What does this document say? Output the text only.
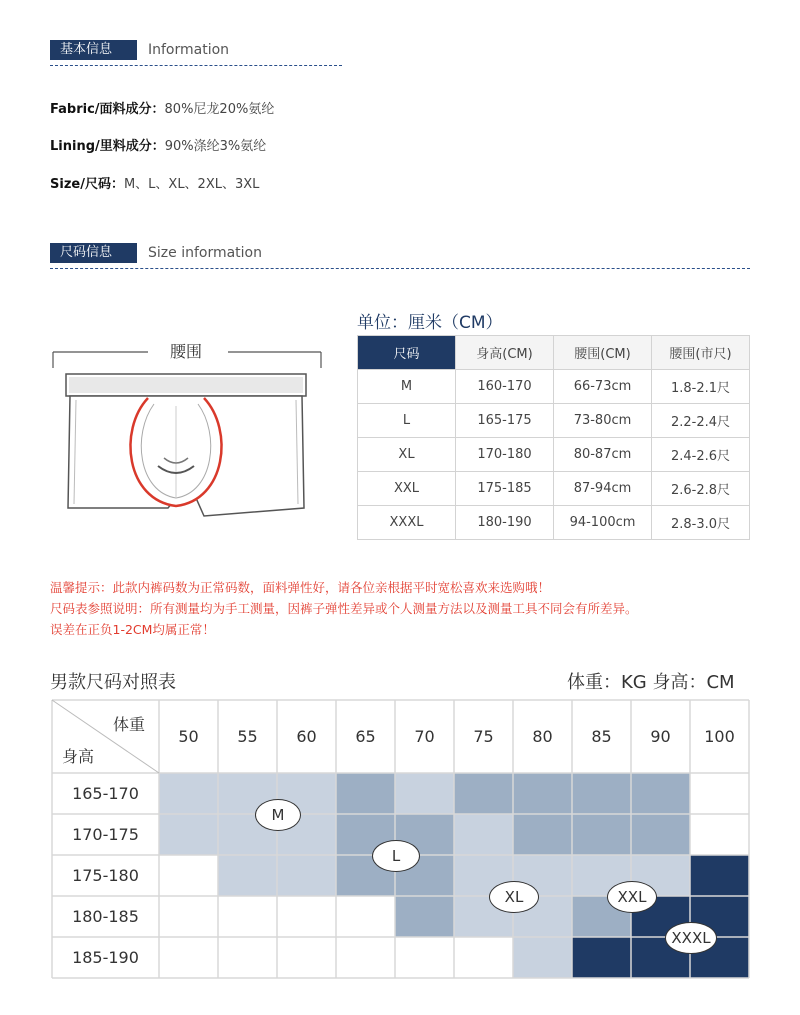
基本信息	Information
Fabric/面料成分：80%尼龙20%氨纶
Lining/里料成分：90%涤纶3%氨纶
Size/尺码：M、L、XL、2XL、3XL
尺码信息	Size information
腰围
单位：厘米（CM）
尺码	身高(CM)	腰围(CM)	腰围(市尺)
M	160-170	66-73cm	1.8-2.1尺
L	165-175	73-80cm	2.2-2.4尺
XL	170-180	80-87cm	2.4-2.6尺
XXL	175-185	87-94cm	2.6-2.8尺
XXXL	180-190	94-100cm	2.8-3.0尺
温馨提示：此款内裤码数为正常码数，面料弹性好，请各位亲根据平时宽松喜欢来选购哦！
尺码表参照说明：所有测量均为手工测量，因裤子弹性差异或个人测量方法以及测量工具不同会有所差异。
误差在正负1-2CM均属正常！
男款尺码对照表	体重：KG 身高：CM
体重
身高
50	55	60	65	70	75	80	85	90	100
165-170
170-175
175-180
180-185
185-190
M
L
XL	XXL
XXXL
